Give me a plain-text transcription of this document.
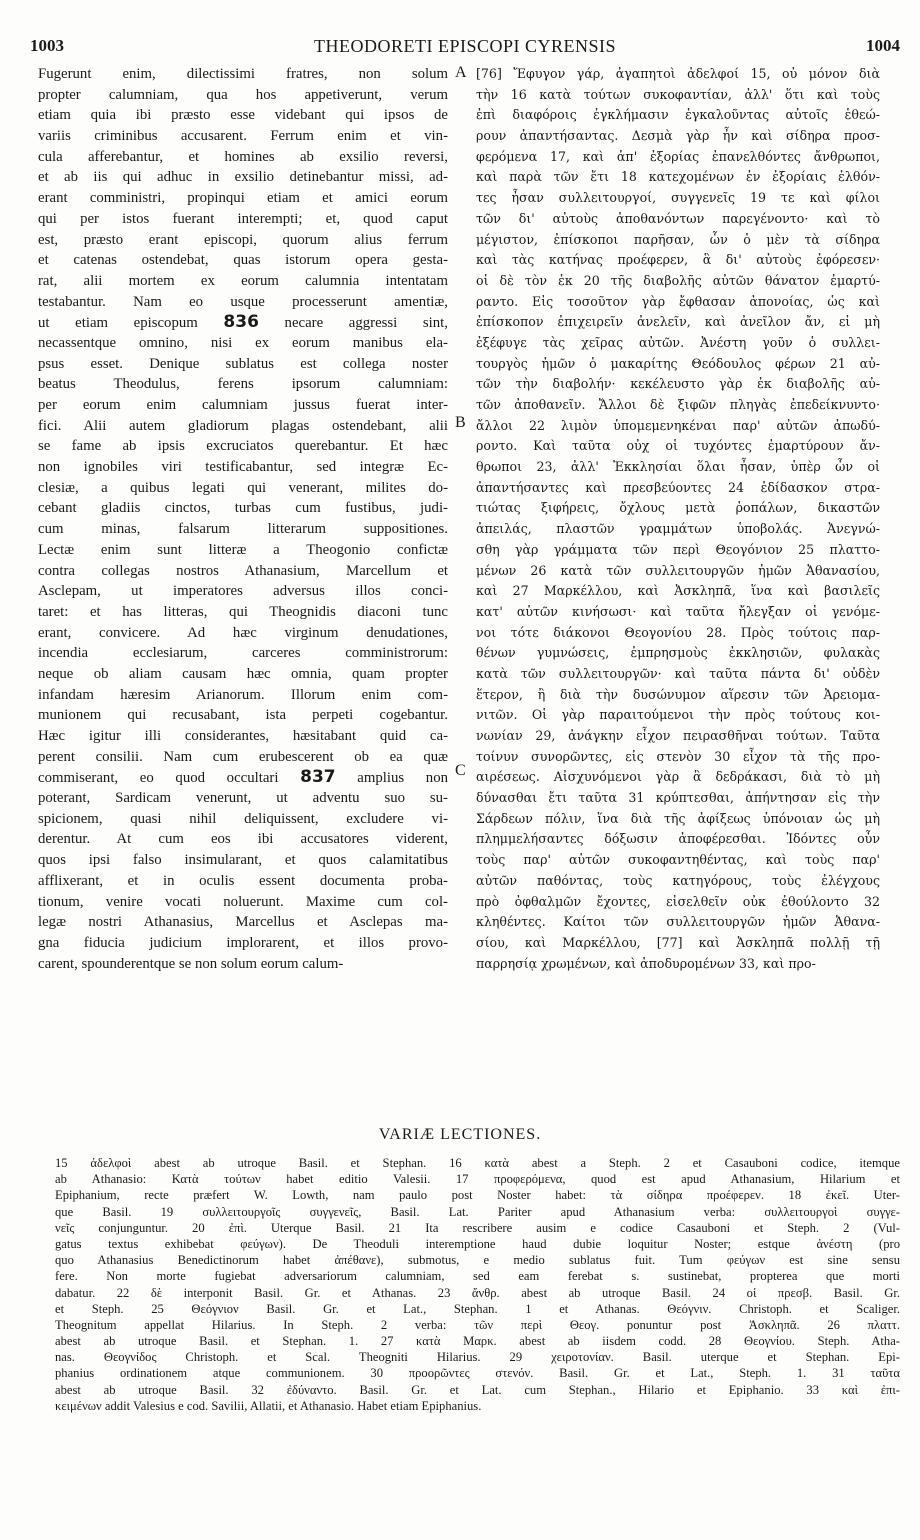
1003	THEODORETI EPISCOPI CYRENSIS	1004
Fugerunt enim, dilectissimi fratres, non solum
propter calumniam, qua hos appetiverunt, verum
etiam quia ibi præsto esse videbant qui ipsos de
variis criminibus accusarent. Ferrum enim et vin-
cula afferebantur, et homines ab exsilio reversi,
et ab iis qui adhuc in exsilio detinebantur missi, ad-
erant comministri, propinqui etiam et amici eorum
qui per istos fuerant interempti; et, quod caput
est, præsto erant episcopi, quorum alius ferrum
et catenas ostendebat, quas istorum opera gesta-
rat, alii mortem ex eorum calumnia intentatam
testabantur. Nam eo usque processerunt amentiæ,
ut etiam episcopum 836 necare aggressi sint,
necassentque omnino, nisi ex eorum manibus ela-
psus esset. Denique sublatus est collega noster
beatus Theodulus, ferens ipsorum calumniam:
per eorum enim calumniam jussus fuerat inter-
fici. Alii autem gladiorum plagas ostendebant, alii
se fame ab ipsis excruciatos querebantur. Et hæc
non ignobiles viri testificabantur, sed integræ Ec-
clesiæ, a quibus legati qui venerant, milites do-
cebant gladiis cinctos, turbas cum fustibus, judi-
cum minas, falsarum litterarum suppositiones.
Lectæ enim sunt litteræ a Theogonio confictæ
contra collegas nostros Athanasium, Marcellum et
Asclepam, ut imperatores adversus illos conci-
taret: et has litteras, qui Theognidis diaconi tunc
erant, convicere. Ad hæc virginum denudationes,
incendia ecclesiarum, carceres comministrorum:
neque ob aliam causam hæc omnia, quam propter
infandam hæresim Arianorum. Illorum enim com-
munionem qui recusabant, ista perpeti cogebantur.
Hæc igitur illi considerantes, hæsitabant quid ca-
perent consilii. Nam cum erubescerent ob ea quæ
commiserant, eo quod occultari 837 amplius non
poterant, Sardicam venerunt, ut adventu suo su-
spicionem, quasi nihil deliquissent, excludere vi-
derentur. At cum eos ibi accusatores viderent,
quos ipsi falso insimularant, et quos calamitatibus
afflixerant, et in oculis essent documenta proba-
tionum, venire vocati noluerunt. Maxime cum col-
legæ nostri Athanasius, Marcellus et Asclepas ma-
gna fiducia judicium implorarent, et illos provo-
carent, spounderentque se non solum eorum calum-
[76] Ἔφυγον γάρ, ἀγαπητοὶ ἀδελφοί 15, οὐ μόνον διὰ
τὴν 16 κατὰ τούτων συκοφαντίαν, ἀλλ' ὅτι καὶ τοὺς
ἐπὶ διαφόροις ἐγκλήμασιν ἐγκαλοῦντας αὐτοῖς ἑθεώ-
ρουν ἀπαντήσαντας. Δεσμὰ γὰρ ἦν καὶ σίδηρα προσ-
φερόμενα 17, καὶ ἀπ' ἐξορίας ἐπανελθόντες ἄνθρωποι,
καὶ παρὰ τῶν ἔτι 18 κατεχομένων ἐν ἐξορίαις ἐλθόν-
τες ἦσαν συλλειτουργοί, συγγενεῖς 19 τε καὶ φίλοι
τῶν δι' αὐτοὺς ἀποθανόντων παρεγένοντο· καὶ τὸ
μέγιστον, ἐπίσκοποι παρῆσαν, ὧν ὁ μὲν τὰ σίδηρα
καὶ τὰς κατήνας προέφερεν, ἃ δι' αὐτοὺς ἐφόρεσεν·
οἱ δὲ τὸν ἐκ 20 τῆς διαβολῆς αὐτῶν θάνατον ἐμαρτύ-
ραντο. Εἰς τοσοῦτον γὰρ ἔφθασαν ἀπονοίας, ὡς καὶ
ἐπίσκοπον ἐπιχειρεῖν ἀνελεῖν, καὶ ἀνεῖλον ἄν, εἰ μὴ
ἐξέφυγε τὰς χεῖρας αὐτῶν. Ἀνέστη γοῦν ὁ συλλει-
τουργὸς ἡμῶν ὁ μακαρίτης Θεόδουλος φέρων 21 αὐ-
τῶν τὴν διαβολήν· κεκέλευστο γὰρ ἐκ διαβολῆς αὐ-
τῶν ἀποθανεῖν. Ἄλλοι δὲ ξιφῶν πληγὰς ἐπεδείκνυντο·
ἄλλοι 22 λιμὸν ὑπομεμενηκέναι παρ' αὐτῶν ἀπωδύ-
ροντο. Καὶ ταῦτα οὐχ οἱ τυχόντες ἐμαρτύρουν ἄν-
θρωποι 23, ἀλλ' Ἐκκλησίαι ὅλαι ἦσαν, ὑπὲρ ὧν οἱ
ἀπαντήσαντες καὶ πρεσβεύοντες 24 ἐδίδασκον στρα-
τιώτας ξιφήρεις, ὄχλους μετὰ ῥοπάλων, δικαστῶν
ἀπειλάς, πλαστῶν γραμμάτων ὑποβολάς. Ἀνεγνώ-
σθη γὰρ γράμματα τῶν περὶ Θεογόνιον 25 πλαττο-
μένων 26 κατὰ τῶν συλλειτουργῶν ἡμῶν Ἀθανασίου,
καὶ 27 Μαρκέλλου, καὶ Ἀσκληπᾶ, ἵνα καὶ βασιλεῖς
κατ' αὐτῶν κινήσωσι· καὶ ταῦτα ἤλεγξαν οἱ γενόμε-
νοι τότε διάκονοι Θεογονίου 28. Πρὸς τούτοις παρ-
θένων γυμνώσεις, ἐμπρησμοὺς ἐκκλησιῶν, φυλακὰς
κατὰ τῶν συλλειτουργῶν· καὶ ταῦτα πάντα δι' οὐδὲν
ἕτερον, ἢ διὰ τὴν δυσώνυμον αἵρεσιν τῶν Ἀρειομα-
νιτῶν. Οἱ γὰρ παραιτούμενοι τὴν πρὸς τούτους κοι-
νωνίαν 29, ἀνάγκην εἶχον πειρασθῆναι τούτων. Ταῦτα
τοίνυν συνορῶντες, εἰς στενὸν 30 εἶχον τὰ τῆς προ-
αιρέσεως. Αἰσχυνόμενοι γὰρ ἃ δεδράκασι, διὰ τὸ μὴ
δύνασθαι ἔτι ταῦτα 31 κρύπτεσθαι, ἀπήντησαν εἰς τὴν
Σάρδεων πόλιν, ἵνα διὰ τῆς ἀφίξεως ὑπόνοιαν ὡς μὴ
πλημμελήσαντες δόξωσιν ἀποφέρεσθαι. Ἰδόντες οὖν
τοὺς παρ' αὐτῶν συκοφαντηθέντας, καὶ τοὺς παρ'
αὐτῶν παθόντας, τοὺς κατηγόρους, τοὺς ἐλέγχους
πρὸ ὀφθαλμῶν ἔχοντες, εἰσελθεῖν οὐκ ἐθούλοντο 32
κληθέντες. Καίτοι τῶν συλλειτουργῶν ἡμῶν Ἀθανα-
σίου, καὶ Μαρκέλλου, [77] καὶ Ἀσκληπᾶ πολλῇ τῇ
παρρησίᾳ χρωμένων, καὶ ἀποδυρομένων 33, καὶ προ-
A
B
C
VARIÆ LECTIONES.
15 ἀδελφοὶ abest ab utroque Basil. et Stephan. 16 κατὰ abest a Steph. 2 et Casauboni codice, itemque
ab Athanasio: Κατὰ τούτων habet editio Valesii. 17 προφερόμενα, quod est apud Athanasium, Hilarium et
Epiphanium, recte præfert W. Lowth, nam paulo post Noster habet: τὰ σίδηρα προέφερεν. 18 ἐκεῖ. Uter-
que Basil. 19 συλλειτουργοῖς συγγενεῖς, Basil. Lat. Pariter apud Athanasium verba: συλλειτουργοὶ συγγε-
νεῖς conjunguntur. 20 ἐπὶ. Uterque Basil. 21 Ita rescribere ausim e codice Casauboni et Steph. 2 (Vul-
gatus textus exhibebat φεύγων). De Theoduli interemptione haud dubie loquitur Noster; estque ἀνέστη (pro
quo Athanasius Benedictinorum habet ἀπέθανε), submotus, e medio sublatus fuit. Tum φεύγων est sine sensu
fere. Non morte fugiebat adversariorum calumniam, sed eam ferebat s. sustinebat, propterea que morti
dabatur. 22 δὲ interponit Basil. Gr. et Athanas. 23 ἄνθρ. abest ab utroque Basil. 24 οἱ πρεσβ. Basil. Gr.
et Steph. 25 Θεόγνιον Basil. Gr. et Lat., Stephan. 1 et Athanas. Θεόγνιν. Christoph. et Scaliger.
Theognitum appellat Hilarius. In Steph. 2 verba: τῶν περὶ Θεογ. ponuntur post Ἀσκληπᾶ. 26 πλαττ.
abest ab utroque Basil. et Stephan. 1. 27 κατὰ Μαρκ. abest ab iisdem codd. 28 Θεογνίου. Steph. Atha-
nas. Θεογνίδος Christoph. et Scal. Theogniti Hilarius. 29 χειροτονίαν. Basil. uterque et Stephan. Epi-
phanius ordinationem atque communionem. 30 προορῶντες στενόν. Basil. Gr. et Lat., Steph. 1. 31 ταῦτα
abest ab utroque Basil. 32 ἐδύναντο. Basil. Gr. et Lat. cum Stephan., Hilario et Epiphanio. 33 καὶ ἐπι-
κειμένων addit Valesius e cod. Savilii, Allatii, et Athanasio. Habet etiam Epiphanius.
